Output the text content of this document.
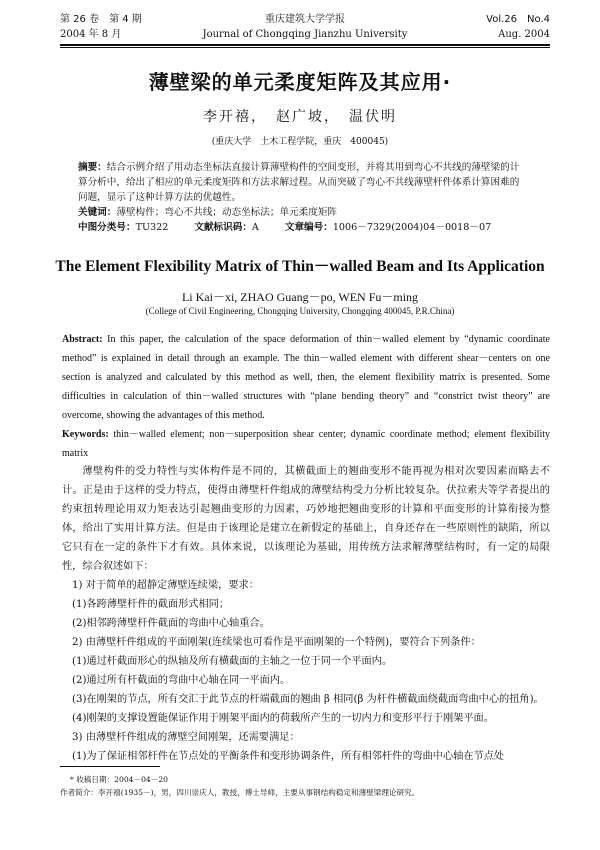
第 26 卷　第 4 期	重庆建筑大学学报	Vol.26　No.4
2004 年 8 月	Journal of Chongqing Jianzhu University	Aug. 2004
薄壁梁的单元柔度矩阵及其应用·
李开禧，　赵广坡，　温伏明
(重庆大学　土木工程学院，重庆　400045)
摘要：结合示例介绍了用动态坐标法直接计算薄壁构件的空间变形，并将其用到弯心不共线的薄壁梁的计算分析中，给出了相应的单元柔度矩阵和方法求解过程。从而突破了弯心不共线薄壁杆件体系计算困难的问题，显示了这种计算方法的优越性。
关键词：薄壁构件；弯心不共线；动态坐标法；单元柔度矩阵
中图分类号：TU322	文献标识码：A	文章编号：1006－7329(2004)04－0018－07
The Element Flexibility Matrix of Thin－walled Beam and Its Application
Li Kai－xi, ZHAO Guang－po, WEN Fu－ming
(College of Civil Engineering, Chongqing University, Chongqing 400045, P.R.China)
Abstract: In this paper, the calculation of the space deformation of thin－walled element by “dynamic coordinate method” is explained in detail through an example. The thin－walled element with different shear－centers on one section is analyzed and calculated by this method as well, then, the element flexibility matrix is presented. Some difficulties in calculation of thin－walled structures with “plane bending theory” and “constrict twist theory” are overcome, showing the advantages of this method.
Keywords: thin－walled element; non－superposition shear center; dynamic coordinate method; element flexibility matrix

薄壁构件的受力特性与实体构件是不同的，其横截面上的翘曲变形不能再视为相对次要因素而略去不计。正是由于这样的受力特点，使得由薄壁杆件组成的薄壁结构受力分析比较复杂。伏拉索夫等学者提出的约束扭转理论用双力矩表达引起翘曲变形的力因素，巧妙地把翘曲变形的计算和平面变形的计算衔接为整体，给出了实用计算方法。但是由于该理论是建立在新假定的基础上，自身还存在一些原则性的缺陷，所以它只有在一定的条件下才有效。具体来说，以该理论为基础，用传统方法求解薄壁结构时，有一定的局限性，综合叙述如下：

1) 对于简单的超静定薄壁连续梁，要求：

(1)各跨薄壁杆件的截面形式相同；

(2)相邻跨薄壁杆件截面的弯曲中心轴重合。

2) 由薄壁杆件组成的平面刚架(连续梁也可看作是平面刚架的一个特例)，要符合下列条件：

(1)通过杆截面形心的纵轴及所有横截面的主轴之一位于同一个平面内。

(2)通过所有杆截面的弯曲中心轴在同一平面内。

(3)在刚架的节点，所有交汇于此节点的杆端截面的翘曲 β 相同(β 为杆件横截面绕截面弯曲中心的扭角)。

(4)刚架的支撑设置能保证作用于刚架平面内的荷载所产生的一切内力和变形平行于刚架平面。

3) 由薄壁杆件组成的薄壁空间刚架，还需要满足：

(1)为了保证相邻杆件在节点处的平衡条件和变形协调条件，所有相邻杆件的弯曲中心轴在节点处

* 收稿日期：2004－04－20
作者简介：李开禧(1935－)，男，四川崇庆人，教授，博士导师，主要从事钢结构稳定和薄壁梁理论研究。
